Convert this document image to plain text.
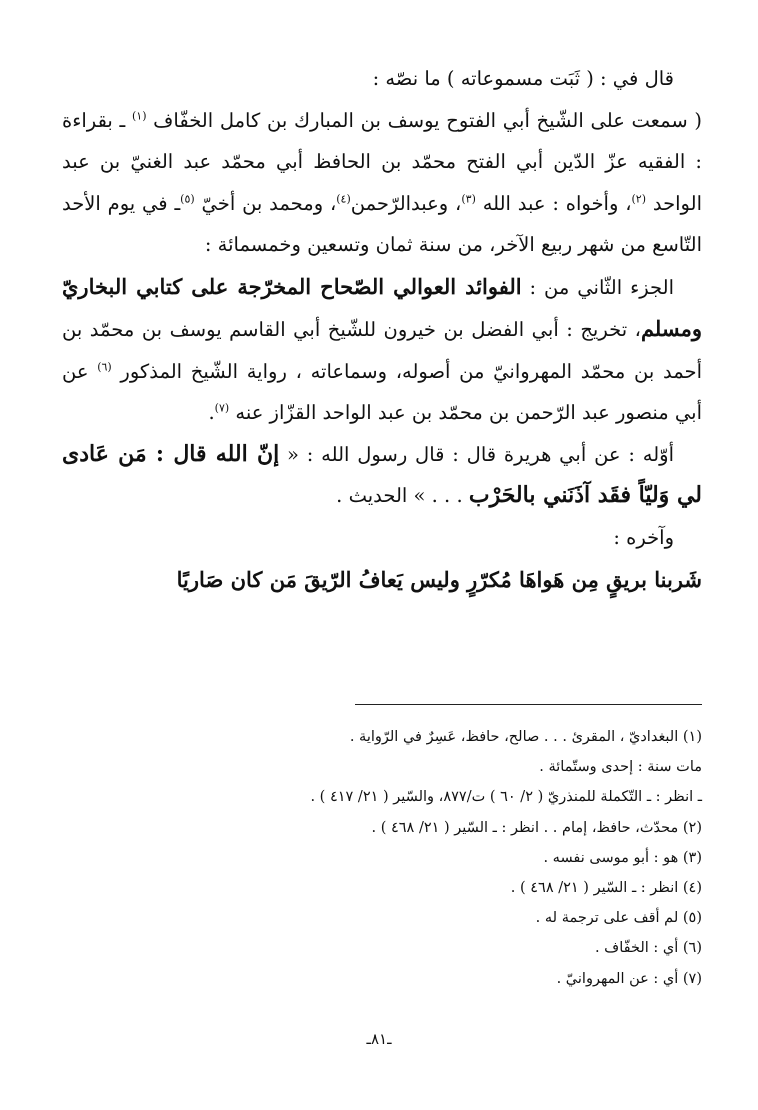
قال في : ( ثَبَت مسموعاته ) ما نصّه :

( سمعت على الشّيخ أبي الفتوح يوسف بن المبارك بن كامل الخفّاف $^{(١)}$ ـ بقراءة : الفقيه عزّ الدّين أبي الفتح محمّد بن الحافظ أبي محمّد عبد الغنيّ بن عبد الواحد $^{(٢)}$، وأخواه : عبد الله $^{(٣)}$، وعبدالرّحمن$^{(٤)}$، ومحمد بن أخيّ $^{(٥)}$ـ في يوم الأحد التّاسع من شهر ربيع الآخر، من سنة ثمان وتسعين وخمسمائة :

الجزء الثّاني من : الفوائد العوالي الصّحاح المخرّجة على كتابي البخاريّ ومسلم، تخريج : أبي الفضل بن خيرون للشّيخ أبي القاسم يوسف بن محمّد بن أحمد بن محمّد المهروانيّ من أصوله، وسماعاته ، رواية الشّيخ المذكور $^{(٦)}$ عن أبي منصور عبد الرّحمن بن محمّد بن عبد الواحد القزّاز عنه $^{(٧)}$.

أوّله : عن أبي هريرة قال : قال رسول الله : « إنّ الله قال : مَن عَادى لي وَليّاً فقَد آذَنَني بالحَرْب . . . » الحديث .

وآخره :

شَربنا بريقٍ مِن هَواهَا مُكرّرٍ وليس يَعافُ الرّيقَ مَن كان صَاريًا

(١) البغداديّ ، المقرئ . . . صالح، حافظ، عَسِرٌ في الرّواية .
مات سنة : إحدى وستّمائة .
ـ انظر : ـ التّكملة للمنذريّ ( ٢/ ٦٠ ) ت/٨٧٧، والسّير ( ٢١/ ٤١٧ ) .
(٢) محدّث، حافظ، إمام . . انظر : ـ السّير ( ٢١/ ٤٦٨ ) .
(٣) هو : أبو موسى نفسه .
(٤) انظر : ـ السّير ( ٢١/ ٤٦٨ ) .
(٥) لم أقف على ترجمة له .
(٦) أي : الخفّاف .
(٧) أي : عن المهروانيّ .
ـ٨١ـ
